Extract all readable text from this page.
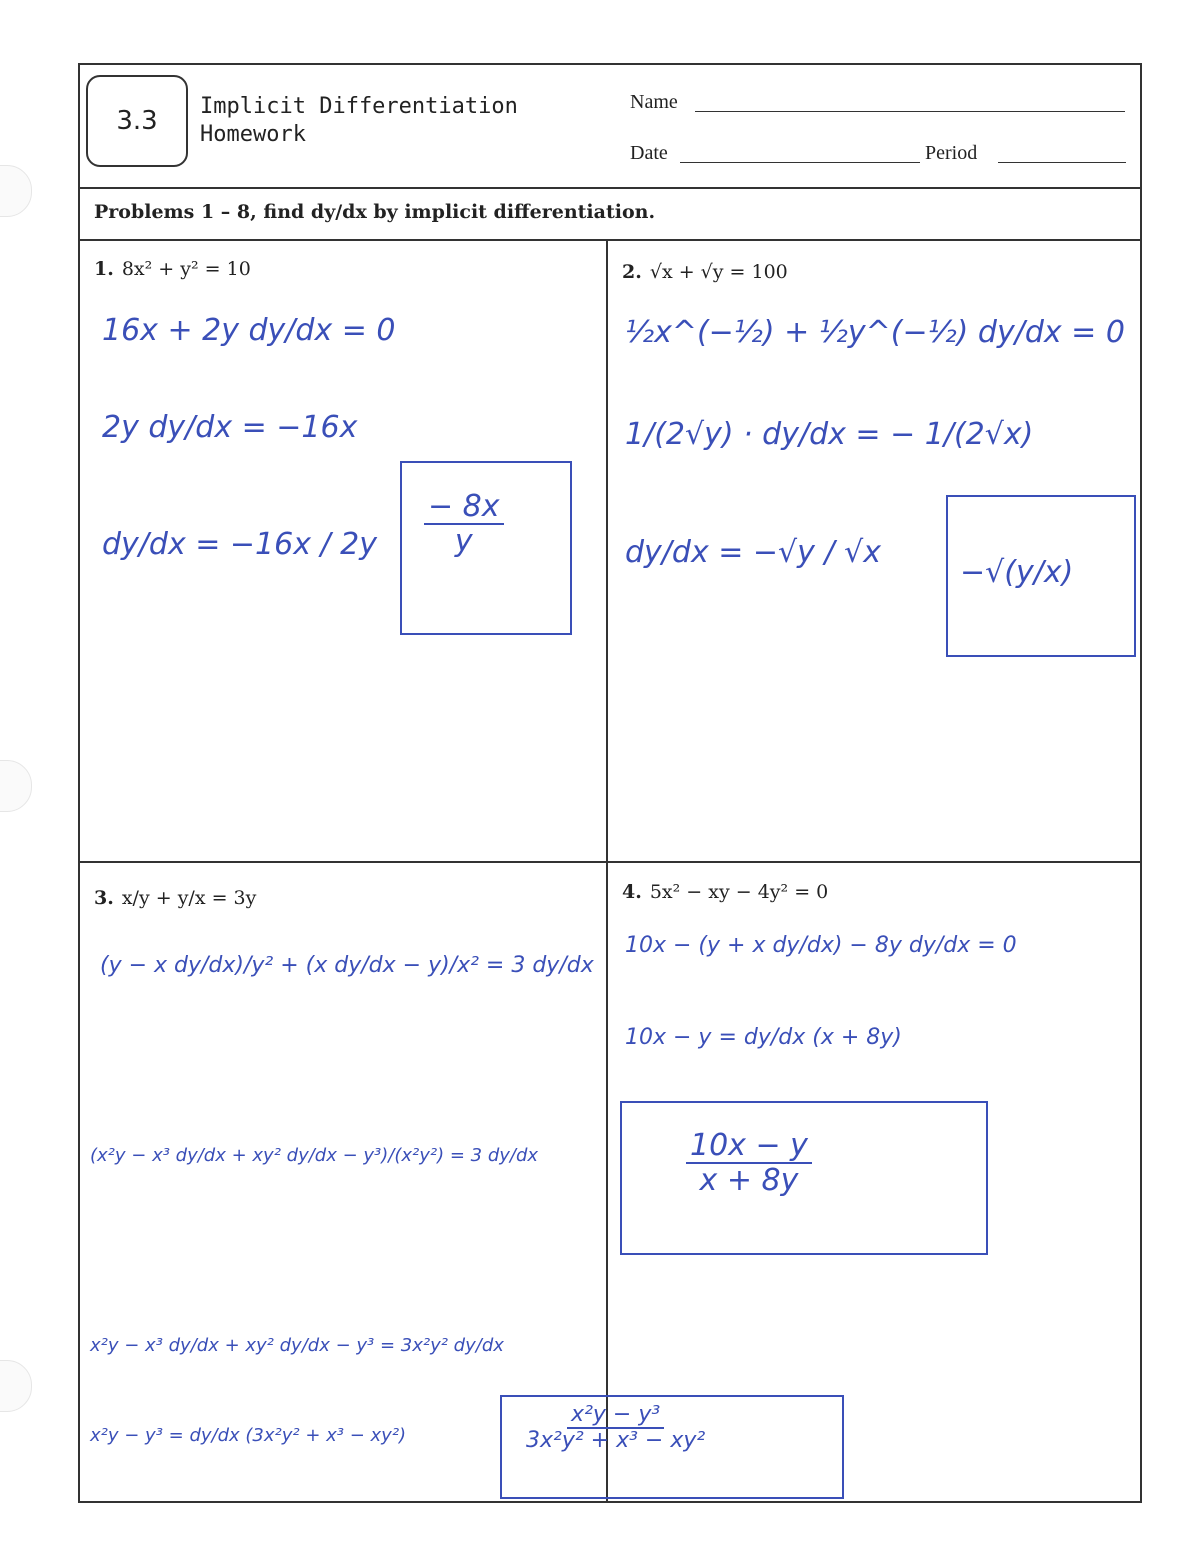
3.3	Implicit Differentiation
Homework
Name
Date	Period
Problems 1 – 8, find dy/dx by implicit differentiation.
1. 8x² + y² = 10
16x + 2y dy/dx = 0
2y dy/dx = −16x
$dy/dx = -16x / 2y \frac{- 8x}{y}$
2. √x + √y = 100
½x^(−½) + ½y^(−½) dy/dx = 0
1/(2√y) · dy/dx = − 1/(2√x)
dy/dx = −√y / √x
−√(y/x)
3. x/y + y/x = 3y
(y − x dy/dx)/y² + (x dy/dx − y)/x² = 3 dy/dx
(x²y − x³ dy/dx + xy² dy/dx − y³)/(x²y²) = 3 dy/dx
x²y − x³ dy/dx + xy² dy/dx − y³ = 3x²y² dy/dx
x²y − y³ = dy/dx (3x²y² + x³ − xy²)	$\frac{\text{x²y − y³}}{\text{3x²y² + x³ − xy²}}$
4. 5x² − xy − 4y² = 0
10x − (y + x dy/dx) − 8y dy/dx = 0
10x − y = dy/dx (x + 8y)
$\frac{10x - y}{x + 8y}$
